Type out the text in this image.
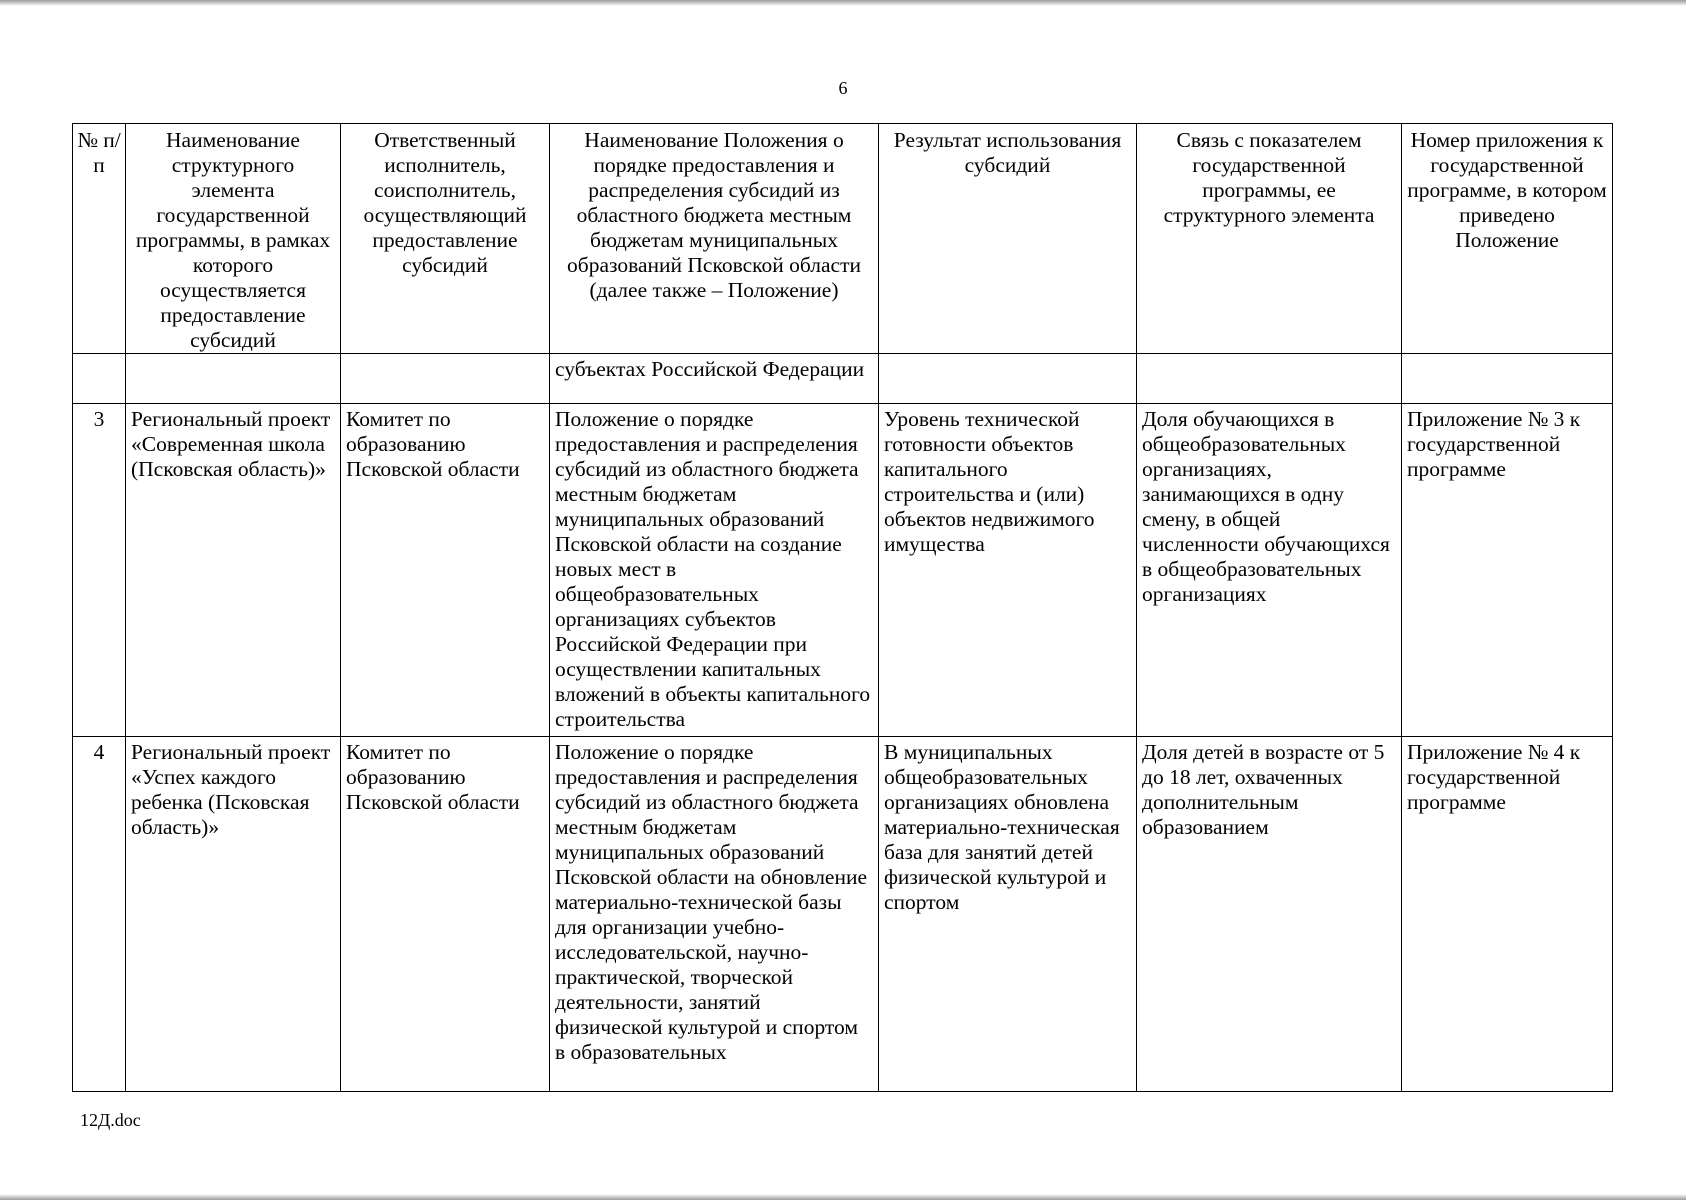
6
№ п/п	Наименование структурного элемента государственной программы, в рамках которого осуществляется предоставление субсидий	Ответственный исполнитель, соисполнитель, осуществляющий предоставление субсидий	Наименование Положения о порядке предоставления и распределения субсидий из областного бюджета местным бюджетам муниципальных образований Псковской области (далее также – Положение)	Результат использования субсидий	Связь с показателем государственной программы, ее структурного элемента	Номер приложения к государственной программе, в котором приведено Положение
			субъектах Российской Федерации			
3	Региональный проект «Современная школа (Псковская область)»	Комитет по образованию Псковской области	Положение о порядке предоставления и распределения субсидий из областного бюджета местным бюджетам муниципальных образований Псковской области на создание новых мест в общеобразовательных организациях субъектов Российской Федерации при осуществлении капитальных вложений в объекты капитального строительства	Уровень технической готовности объектов капитального строительства и (или) объектов недвижимого имущества	Доля обучающихся в общеобразовательных организациях, занимающихся в одну смену, в общей численности обучающихся в общеобразовательных организациях	Приложение № 3 к государственной программе
4	Региональный проект «Успех каждого ребенка (Псковская область)»	Комитет по образованию Псковской области	Положение о порядке предоставления и распределения субсидий из областного бюджета местным бюджетам муниципальных образований Псковской области на обновление материально-технической базы для организации учебно-исследовательской, научно-практической, творческой деятельности, занятий физической культурой и спортом в образовательных	В муниципальных общеобразовательных организациях обновлена материально-техническая база для занятий детей физической культурой и спортом	Доля детей в возрасте от 5 до 18 лет, охваченных дополнительным образованием	Приложение № 4 к государственной программе
12Д.doc
